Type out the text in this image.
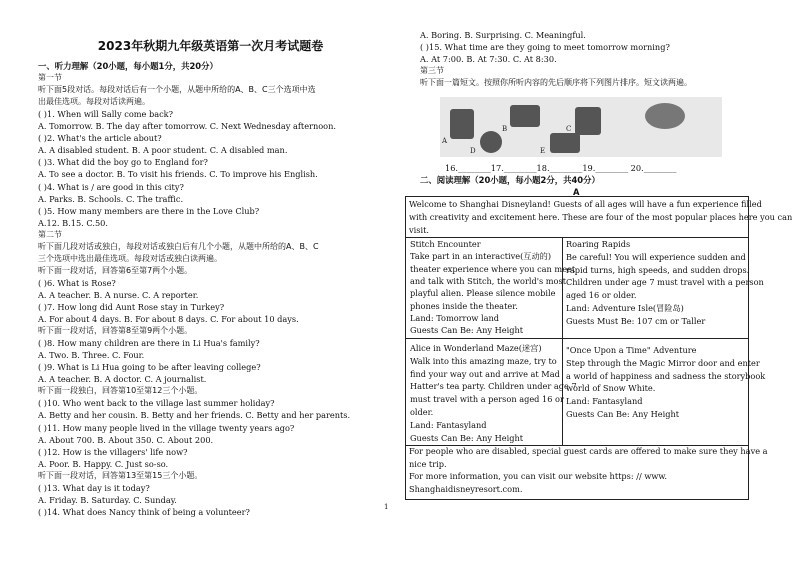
2023年秋期九年级英语第一次月考试题卷
一、听力理解（20小题，每小题1分，共20分）
第一节
听下面5段对话。每段对话后有一个小题，从题中所给的A、B、C三个选项中选
出最佳选项。每段对话读两遍。
( )1. When will Sally come back?
A. Tomorrow. B. The day after tomorrow. C. Next Wednesday afternoon.
( )2. What's the article about?
A. A disabled student. B. A poor student. C. A disabled man.
( )3. What did the boy go to England for?
A. To see a doctor. B. To visit his friends. C. To improve his English.
( )4. What is / are good in this city?
A. Parks. B. Schools. C. The traffic.
( )5. How many members are there in the Love Club?
A.12. B.15. C.50.
第二节
听下面几段对话或独白，每段对话或独白后有几个小题，从题中所给的A、B、C
三个选项中选出最佳选项。每段对话或独白读两遍。
听下面一段对话，回答第6至第7两个小题。
( )6. What is Rose?
A. A teacher. B. A nurse. C. A reporter.
( )7. How long did Aunt Rose stay in Turkey?
A. For about 4 days. B. For about 8 days. C. For about 10 days.
听下面一段对话，回答第8至第9两个小题。
( )8. How many children are there in Li Hua's family?
A. Two. B. Three. C. Four.
( )9. What is Li Hua going to be after leaving college?
A. A teacher. B. A doctor. C. A journalist.
听下面一段独白，回答第10至第12三个小题。
( )10. Who went back to the village last summer holiday?
A. Betty and her cousin. B. Betty and her friends. C. Betty and her parents.
( )11. How many people lived in the village twenty years ago?
A. About 700. B. About 350. C. About 200.
( )12. How is the villagers' life now?
A. Poor. B. Happy. C. Just so-so.
听下面一段对话，回答第13至第15三个小题。
( )13. What day is it today?
A. Friday. B. Saturday. C. Sunday.
( )14. What does Nancy think of being a volunteer?
A. Boring. B. Surprising. C. Meaningful.
( )15. What time are they going to meet tomorrow morning?
A. At 7:00. B. At 7:30. C. At 8:30.
第三节
听下面一篇短文。按照你所听内容的先后顺序将下列图片排序。短文读两遍。
A
B	C
D	E
16.________17.________18.________19.________ 20.________
二、阅读理解（20小题，每小题2分，共40分）
A
Welcome to Shanghai Disneyland! Guests of all ages will have a fun experience filled
with creativity and excitement here. These are four of the most popular places here you can
visit.
Stitch Encounter
Take part in an interactive(互动的)
theater experience where you can meet
and talk with Stitch, the world's most
playful alien. Please silence mobile
phones inside the theater.
Land: Tomorrow land
Guests Can Be: Any Height
Roaring Rapids
Be careful! You will experience sudden and
rapid turns, high speeds, and sudden drops.
Children under age 7 must travel with a person
aged 16 or older.
Land: Adventure Isle(冒险岛)
Guests Must Be: 107 cm or Taller
Alice in Wonderland Maze(迷宫)
Walk into this amazing maze, try to
find your way out and arrive at Mad
Hatter's tea party. Children under age 7
must travel with a person aged 16 or
older.
Land: Fantasyland
Guests Can Be: Any Height
"Once Upon a Time" Adventure
Step through the Magic Mirror door and enter
a world of happiness and sadness the storybook
world of Snow White.
Land: Fantasyland
Guests Can Be: Any Height
For people who are disabled, special guest cards are offered to make sure they have a
nice trip.
For more information, you can visit our website https: // www.
Shanghaidisneyresort.com.
1
